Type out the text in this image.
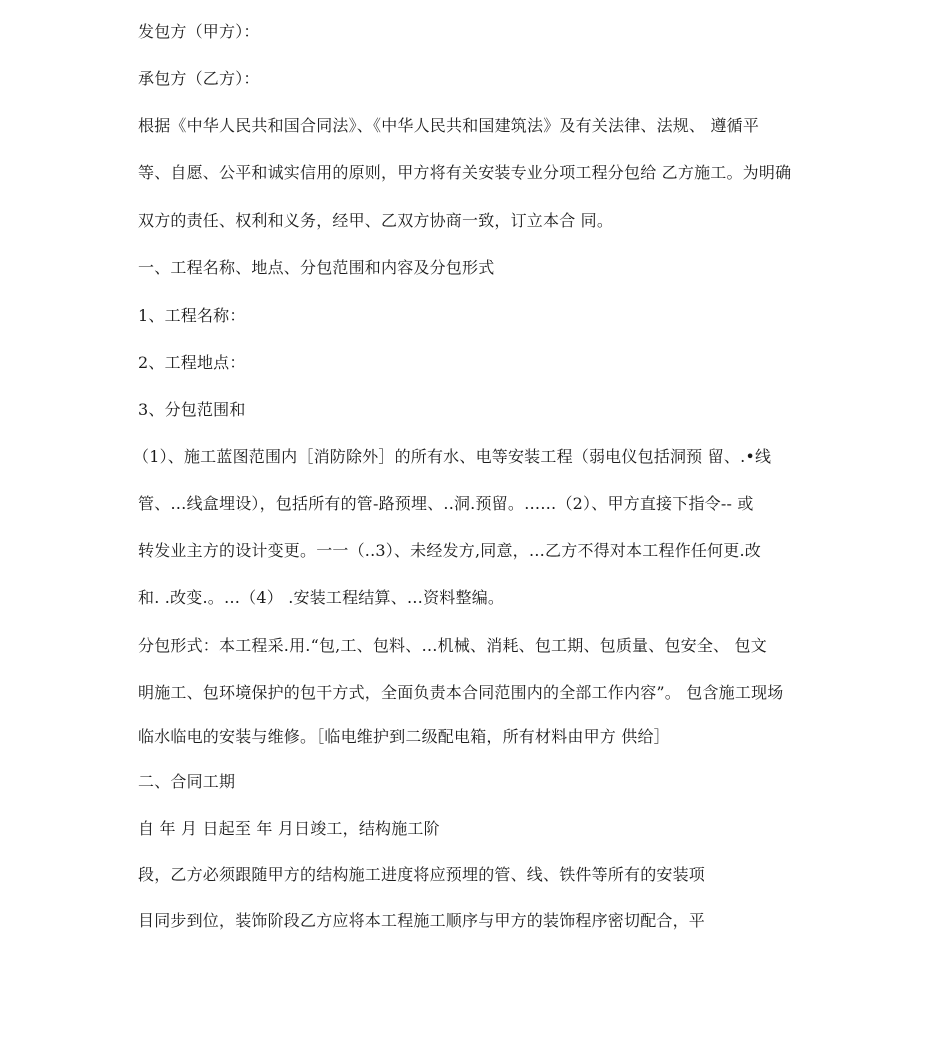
发包方（甲方）：
承包方（乙方）：
根据《中华人民共和国合同法》、《中华人民共和国建筑法》及有关法律、法规、 遵循平
等、自愿、公平和诚实信用的原则，甲方将有关安装专业分项工程分包给 乙方施工。为明确
双方的责任、权利和义务，经甲、乙双方协商一致，订立本合 同。
一、工程名称、地点、分包范围和内容及分包形式
1、工程名称：
2、工程地点：
3、分包范围和
（1）、施工蓝图范围内［消防除外］的所有水、电等安装工程（弱电仪包括洞预 留、.•线
管、…线盒埋设），包括所有的管-路预埋、..洞.预留。……（2）、甲方直接下指令-- 或
转发业主方的设计变更。一一（..3）、未经发方,同意，…乙方不得对本工程作任何更.改
和. .改变.。…（4） .安装工程结算、…资料整编。
分包形式：本工程采.用.“包,工、包料、…机械、消耗、包工期、包质量、包安全、 包文
明施工、包环境保护的包干方式，全面负责本合同范围内的全部工作内容”。 包含施工现场
临水临电的安装与维修。［临电维护到二级配电箱，所有材料由甲方 供给］
二、合同工期
自 年 月 日起至 年 月日竣工，结构施工阶
段，乙方必须跟随甲方的结构施工进度将应预埋的管、线、铁件等所有的安装项
目同步到位，装饰阶段乙方应将本工程施工顺序与甲方的装饰程序密切配合，平
